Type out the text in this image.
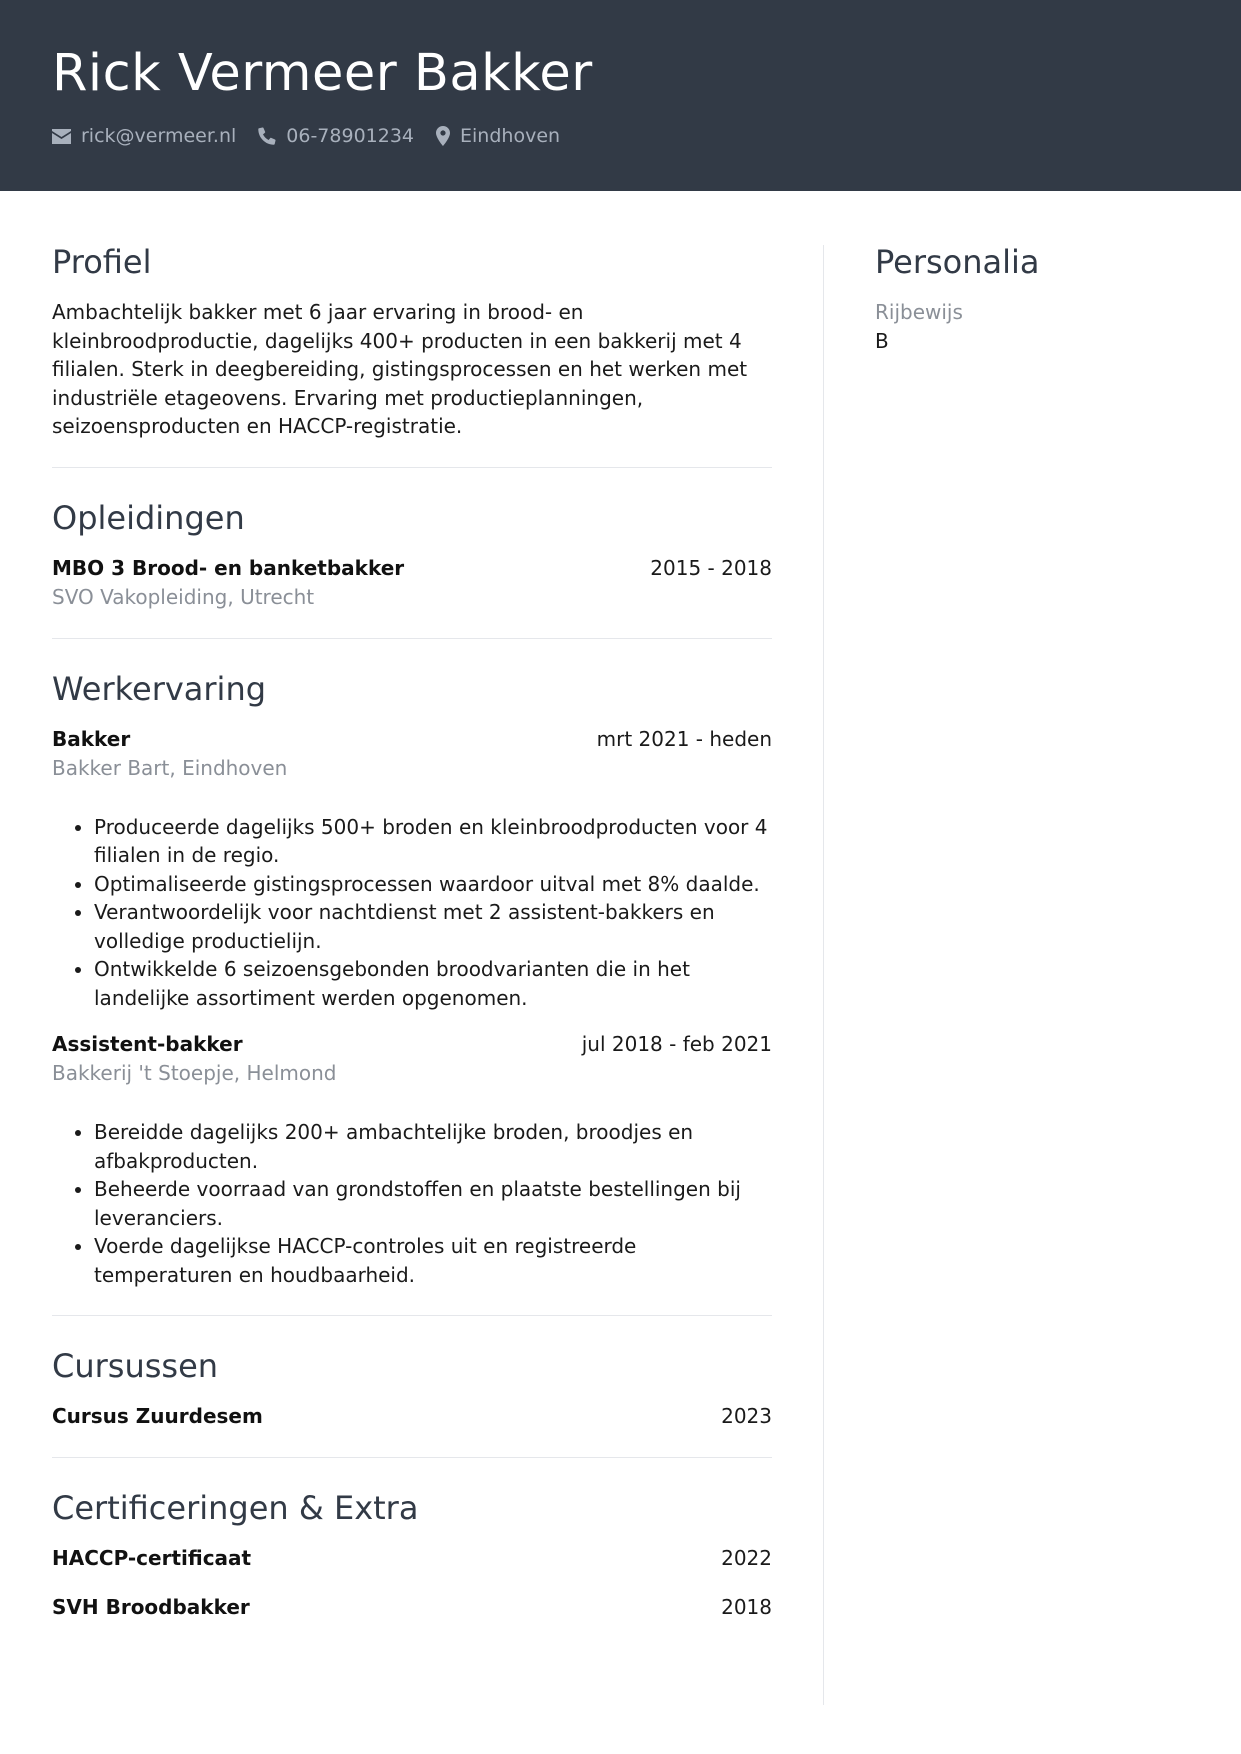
Rick Vermeer Bakker
rick@vermeer.nl	06-78901234 Eindhoven
Profiel
Ambachtelijk bakker met 6 jaar ervaring in brood- en kleinbroodproductie, dagelijks 400+ producten in een bakkerij met 4 filialen. Sterk in deegbereiding, gistingsprocessen en het werken met industriële etageovens. Ervaring met productieplanningen, seizoensproducten en HACCP-registratie.
Opleidingen
MBO 3 Brood- en banketbakker	2015 - 2018
SVO Vakopleiding, Utrecht
Werkervaring
Bakker	mrt 2021 - heden
Bakker Bart, Eindhoven
• Produceerde dagelijks 500+ broden en kleinbroodproducten voor 4 filialen in de regio.
• Optimaliseerde gistingsprocessen waardoor uitval met 8% daalde.
• Verantwoordelijk voor nachtdienst met 2 assistent-bakkers en volledige productielijn.
• Ontwikkelde 6 seizoensgebonden broodvarianten die in het landelijke assortiment werden opgenomen.
Assistent-bakker	jul 2018 - feb 2021
Bakkerij 't Stoepje, Helmond
• Bereidde dagelijks 200+ ambachtelijke broden, broodjes en afbakproducten.
• Beheerde voorraad van grondstoffen en plaatste bestellingen bij leveranciers.
• Voerde dagelijkse HACCP-controles uit en registreerde temperaturen en houdbaarheid.
Cursussen
Cursus Zuurdesem	2023
Certificeringen & Extra
HACCP-certificaat	2022
SVH Broodbakker	2018
Personalia
Rijbewijs
B
